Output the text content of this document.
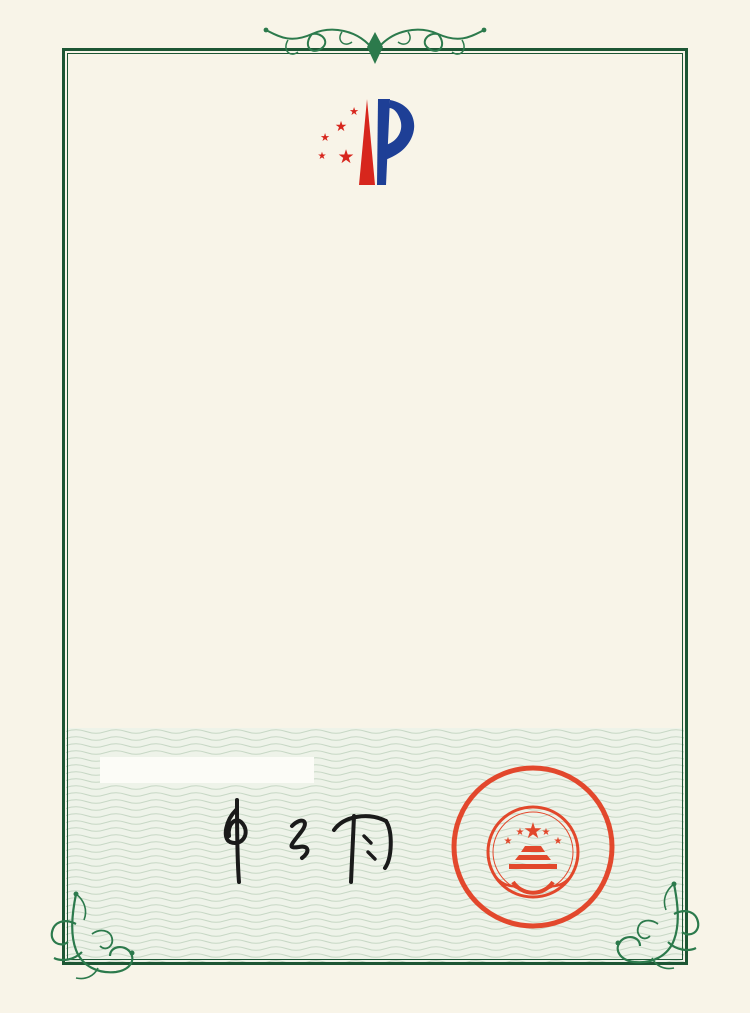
★
★
★
★ ★

★
★
★ ★
★
